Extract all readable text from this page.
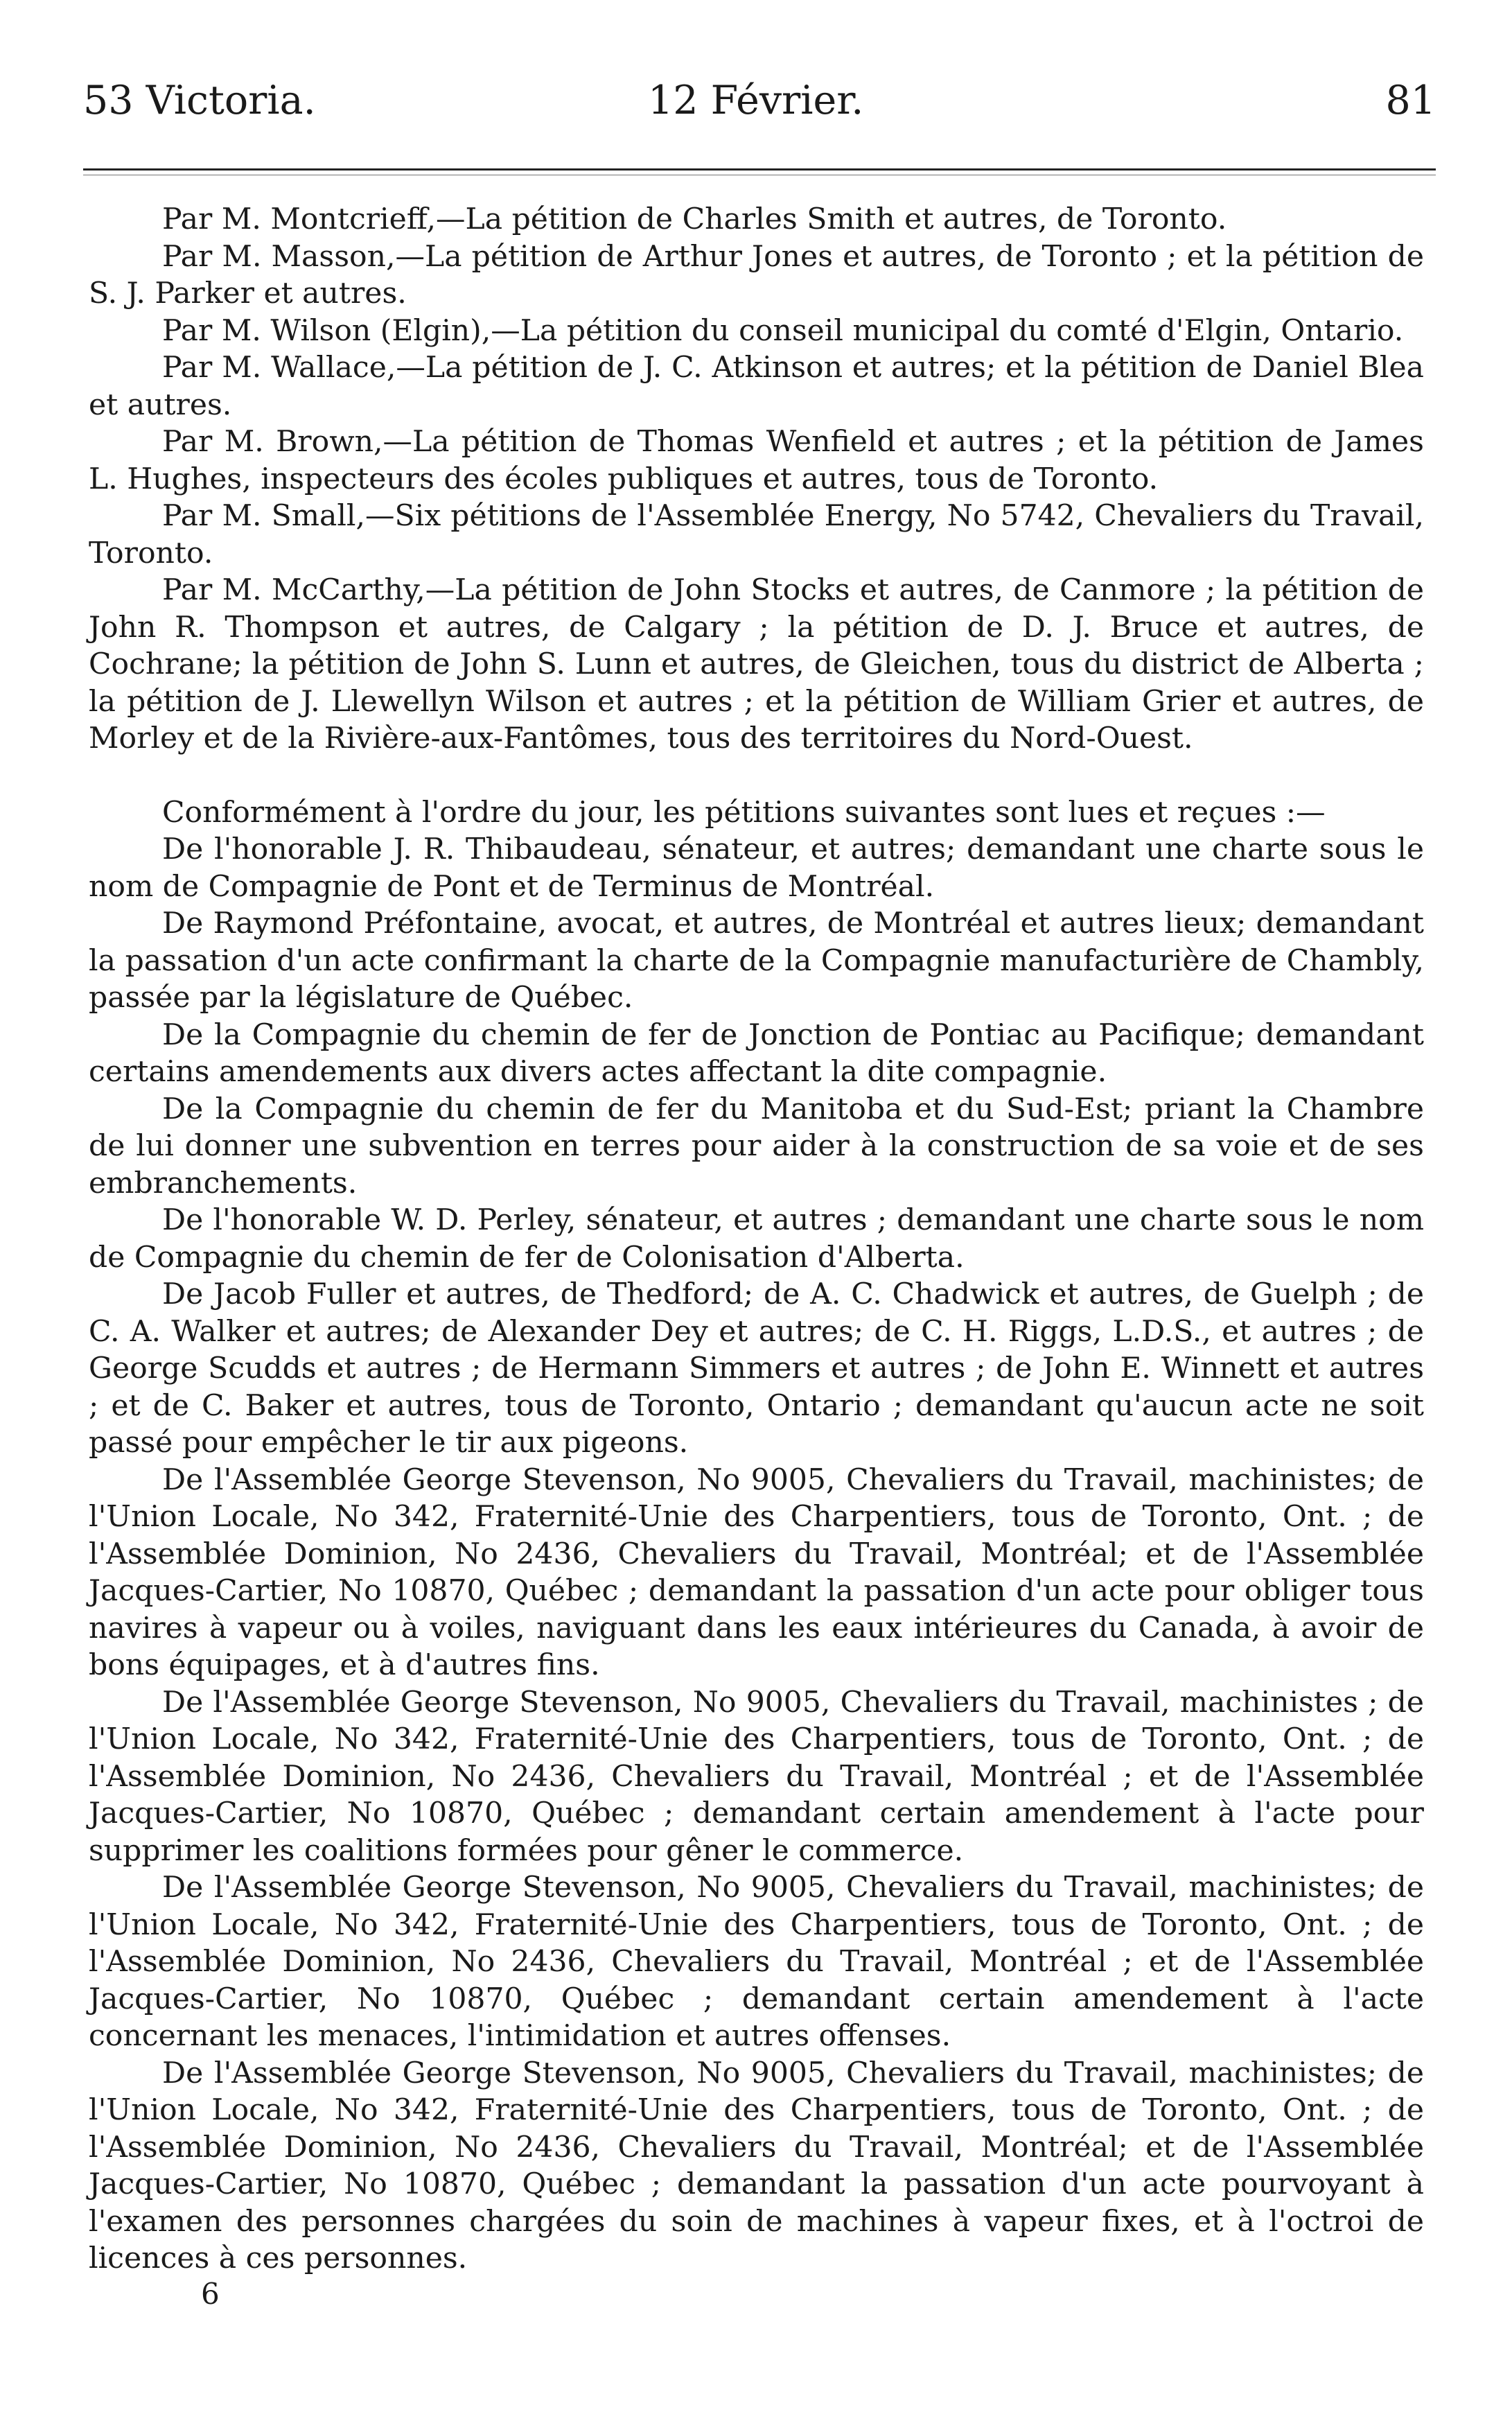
53 Victoria.	12 Février.	81

Par M. Montcrieff,—La pétition de Charles Smith et autres, de Toronto.

Par M. Masson,—La pétition de Arthur Jones et autres, de Toronto ; et la pétition de S. J. Parker et autres.

Par M. Wilson (Elgin),—La pétition du conseil municipal du comté d'Elgin, Ontario.

Par M. Wallace,—La pétition de J. C. Atkinson et autres; et la pétition de Daniel Blea et autres.

Par M. Brown,—La pétition de Thomas Wenfield et autres ; et la pétition de James L. Hughes, inspecteurs des écoles publiques et autres, tous de Toronto.

Par M. Small,—Six pétitions de l'Assemblée Energy, No 5742, Chevaliers du Travail, Toronto.

Par M. McCarthy,—La pétition de John Stocks et autres, de Canmore ; la pétition de John R. Thompson et autres, de Calgary ; la pétition de D. J. Bruce et autres, de Cochrane; la pétition de John S. Lunn et autres, de Gleichen, tous du district de Alberta ; la pétition de J. Llewellyn Wilson et autres ; et la pétition de William Grier et autres, de Morley et de la Rivière-aux-Fantômes, tous des territoires du Nord-Ouest.

Conformément à l'ordre du jour, les pétitions suivantes sont lues et reçues :—

De l'honorable J. R. Thibaudeau, sénateur, et autres; demandant une charte sous le nom de Compagnie de Pont et de Terminus de Montréal.

De Raymond Préfontaine, avocat, et autres, de Montréal et autres lieux; demandant la passation d'un acte confirmant la charte de la Compagnie manufacturière de Chambly, passée par la législature de Québec.

De la Compagnie du chemin de fer de Jonction de Pontiac au Pacifique; demandant certains amendements aux divers actes affectant la dite compagnie.

De la Compagnie du chemin de fer du Manitoba et du Sud-Est; priant la Chambre de lui donner une subvention en terres pour aider à la construction de sa voie et de ses embranchements.

De l'honorable W. D. Perley, sénateur, et autres ; demandant une charte sous le nom de Compagnie du chemin de fer de Colonisation d'Alberta.

De Jacob Fuller et autres, de Thedford; de A. C. Chadwick et autres, de Guelph ; de C. A. Walker et autres; de Alexander Dey et autres; de C. H. Riggs, L.D.S., et autres ; de George Scudds et autres ; de Hermann Simmers et autres ; de John E. Winnett et autres ; et de C. Baker et autres, tous de Toronto, Ontario ; demandant qu'aucun acte ne soit passé pour empêcher le tir aux pigeons.

De l'Assemblée George Stevenson, No 9005, Chevaliers du Travail, machinistes; de l'Union Locale, No 342, Fraternité-Unie des Charpentiers, tous de Toronto, Ont. ; de l'Assemblée Dominion, No 2436, Chevaliers du Travail, Montréal; et de l'Assemblée Jacques-Cartier, No 10870, Québec ; demandant la passation d'un acte pour obliger tous navires à vapeur ou à voiles, naviguant dans les eaux intérieures du Canada, à avoir de bons équipages, et à d'autres fins.

De l'Assemblée George Stevenson, No 9005, Chevaliers du Travail, machinistes ; de l'Union Locale, No 342, Fraternité-Unie des Charpentiers, tous de Toronto, Ont. ; de l'Assemblée Dominion, No 2436, Chevaliers du Travail, Montréal ; et de l'Assemblée Jacques-Cartier, No 10870, Québec ; demandant certain amendement à l'acte pour supprimer les coalitions formées pour gêner le commerce.

De l'Assemblée George Stevenson, No 9005, Chevaliers du Travail, machinistes; de l'Union Locale, No 342, Fraternité-Unie des Charpentiers, tous de Toronto, Ont. ; de l'Assemblée Dominion, No 2436, Chevaliers du Travail, Montréal ; et de l'Assemblée Jacques-Cartier, No 10870, Québec ; demandant certain amendement à l'acte concernant les menaces, l'intimidation et autres offenses.

De l'Assemblée George Stevenson, No 9005, Chevaliers du Travail, machinistes; de l'Union Locale, No 342, Fraternité-Unie des Charpentiers, tous de Toronto, Ont. ; de l'Assemblée Dominion, No 2436, Chevaliers du Travail, Montréal; et de l'Assemblée Jacques-Cartier, No 10870, Québec ; demandant la passation d'un acte pourvoyant à l'examen des personnes chargées du soin de machines à vapeur fixes, et à l'octroi de licences à ces personnes.

6
